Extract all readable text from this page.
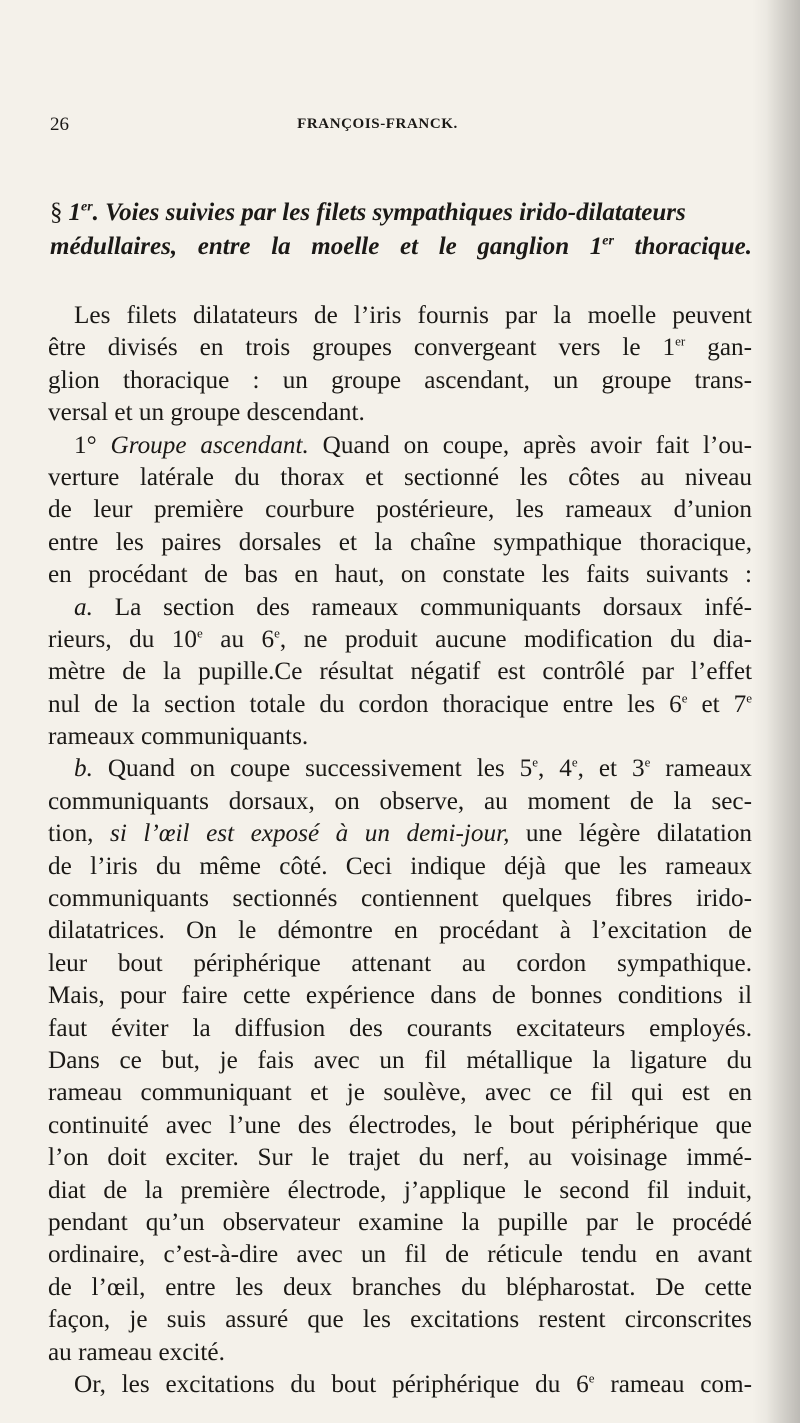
26	FRANÇOIS-FRANCK.
§ 1er. Voies suivies par les filets sympathiques irido-dilatateurs
médullaires, entre la moelle et le ganglion 1er thoracique.
Les filets dilatateurs de l’iris fournis par la moelle peuvent
être divisés en trois groupes convergeant vers le 1er gan-
glion thoracique : un groupe ascendant, un groupe trans-
versal et un groupe descendant.
1° Groupe ascendant. Quand on coupe, après avoir fait l’ou-
verture latérale du thorax et sectionné les côtes au niveau
de leur première courbure postérieure, les rameaux d’union
entre les paires dorsales et la chaîne sympathique thoracique,
en procédant de bas en haut, on constate les faits suivants :
a. La section des rameaux communiquants dorsaux infé-
rieurs, du 10e au 6e, ne produit aucune modification du dia-
mètre de la pupille.Ce résultat négatif est contrôlé par l’effet
nul de la section totale du cordon thoracique entre les 6e et 7e
rameaux communiquants.
b. Quand on coupe successivement les 5e, 4e, et 3e rameaux
communiquants dorsaux, on observe, au moment de la sec-
tion, si l’œil est exposé à un demi-jour, une légère dilatation
de l’iris du même côté. Ceci indique déjà que les rameaux
communiquants sectionnés contiennent quelques fibres irido-
dilatatrices. On le démontre en procédant à l’excitation de
leur bout périphérique attenant au cordon sympathique.
Mais, pour faire cette expérience dans de bonnes conditions il
faut éviter la diffusion des courants excitateurs employés.
Dans ce but, je fais avec un fil métallique la ligature du
rameau communiquant et je soulève, avec ce fil qui est en
continuité avec l’une des électrodes, le bout périphérique que
l’on doit exciter. Sur le trajet du nerf, au voisinage immé-
diat de la première électrode, j’applique le second fil induit,
pendant qu’un observateur examine la pupille par le procédé
ordinaire, c’est-à-dire avec un fil de réticule tendu en avant
de l’œil, entre les deux branches du blépharostat. De cette
façon, je suis assuré que les excitations restent circonscrites
au rameau excité.
Or, les excitations du bout périphérique du 6e rameau com-
